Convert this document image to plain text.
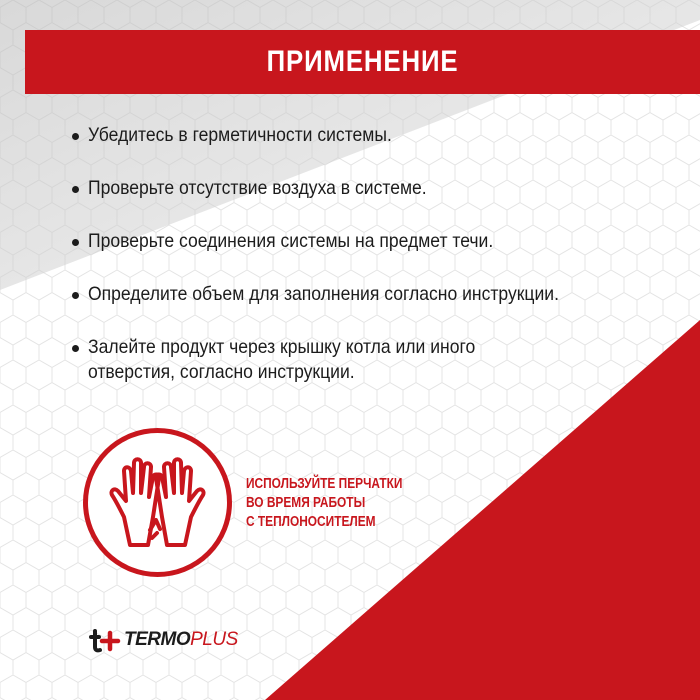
ПРИМЕНЕНИЕ
Убедитесь в герметичности системы.
Проверьте отсутствие воздуха в системе.
Проверьте соединения системы на предмет течи.
Определите объем для заполнения согласно инструкции.
Залейте продукт через крышку котла или иного отверстия, согласно инструкции.
ИСПОЛЬЗУЙТЕ ПЕРЧАТКИ
ВО ВРЕМЯ РАБОТЫ
С ТЕПЛОНОСИТЕЛЕМ
TERMOPLUS
